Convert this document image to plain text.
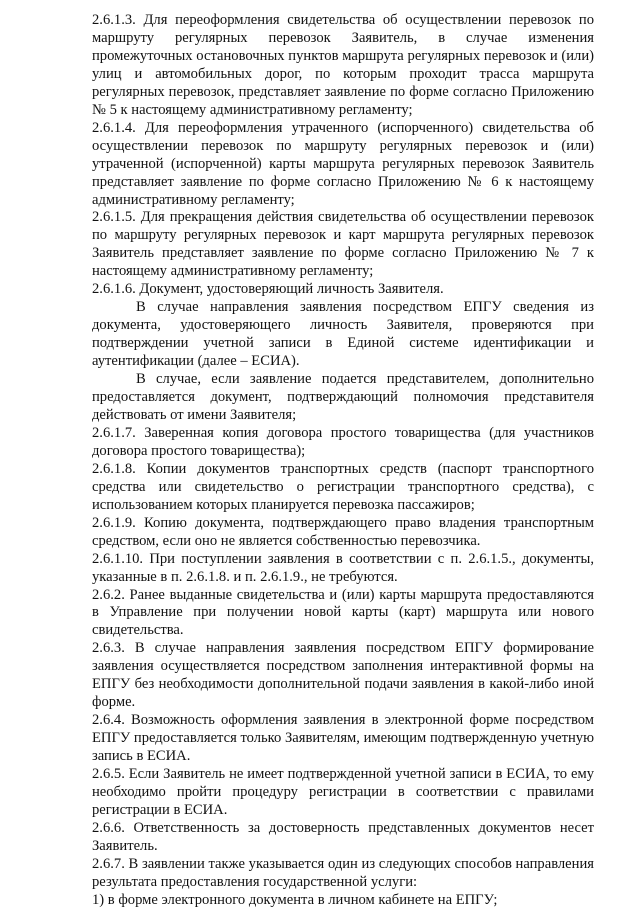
2.6.1.3. Для переоформления свидетельства об осуществлении перевозок по маршруту регулярных перевозок Заявитель, в случае изменения промежуточных остановочных пунктов маршрута регулярных перевозок и (или) улиц и автомобильных дорог, по которым проходит трасса маршрута регулярных перевозок, представляет заявление по форме согласно Приложению № 5 к настоящему административному регламенту;

2.6.1.4. Для переоформления утраченного (испорченного) свидетельства об осуществлении перевозок по маршруту регулярных перевозок и (или) утраченной (испорченной) карты маршрута регулярных перевозок Заявитель представляет заявление по форме согласно Приложению № 6 к настоящему административному регламенту;

2.6.1.5. Для прекращения действия свидетельства об осуществлении перевозок по маршруту регулярных перевозок и карт маршрута регулярных перевозок Заявитель представляет заявление по форме согласно Приложению № 7 к настоящему административному регламенту;

2.6.1.6. Документ, удостоверяющий личность Заявителя.

В случае направления заявления посредством ЕПГУ сведения из документа, удостоверяющего личность Заявителя, проверяются при подтверждении учетной записи в Единой системе идентификации и аутентификации (далее – ЕСИА).

В случае, если заявление подается представителем, дополнительно предоставляется документ, подтверждающий полномочия представителя действовать от имени Заявителя;

2.6.1.7. Заверенная копия договора простого товарищества (для участников договора простого товарищества);

2.6.1.8. Копии документов транспортных средств (паспорт транспортного средства или свидетельство о регистрации транспортного средства), с использованием которых планируется перевозка пассажиров;

2.6.1.9. Копию документа, подтверждающего право владения транспортным средством, если оно не является собственностью перевозчика.

2.6.1.10. При поступлении заявления в соответствии с п. 2.6.1.5., документы, указанные в п. 2.6.1.8. и п. 2.6.1.9., не требуются.

2.6.2. Ранее выданные свидетельства и (или) карты маршрута предоставляются в Управление при получении новой карты (карт) маршрута или нового свидетельства.

2.6.3. В случае направления заявления посредством ЕПГУ формирование заявления осуществляется посредством заполнения интерактивной формы на ЕПГУ без необходимости дополнительной подачи заявления в какой-либо иной форме.

2.6.4. Возможность оформления заявления в электронной форме посредством ЕПГУ предоставляется только Заявителям, имеющим подтвержденную учетную запись в ЕСИА.

2.6.5. Если Заявитель не имеет подтвержденной учетной записи в ЕСИА, то ему необходимо пройти процедуру регистрации в соответствии с правилами регистрации в ЕСИА.

2.6.6. Ответственность за достоверность представленных документов несет Заявитель.

2.6.7. В заявлении также указывается один из следующих способов направления результата предоставления государственной услуги:

1) в форме электронного документа в личном кабинете на ЕПГУ;
